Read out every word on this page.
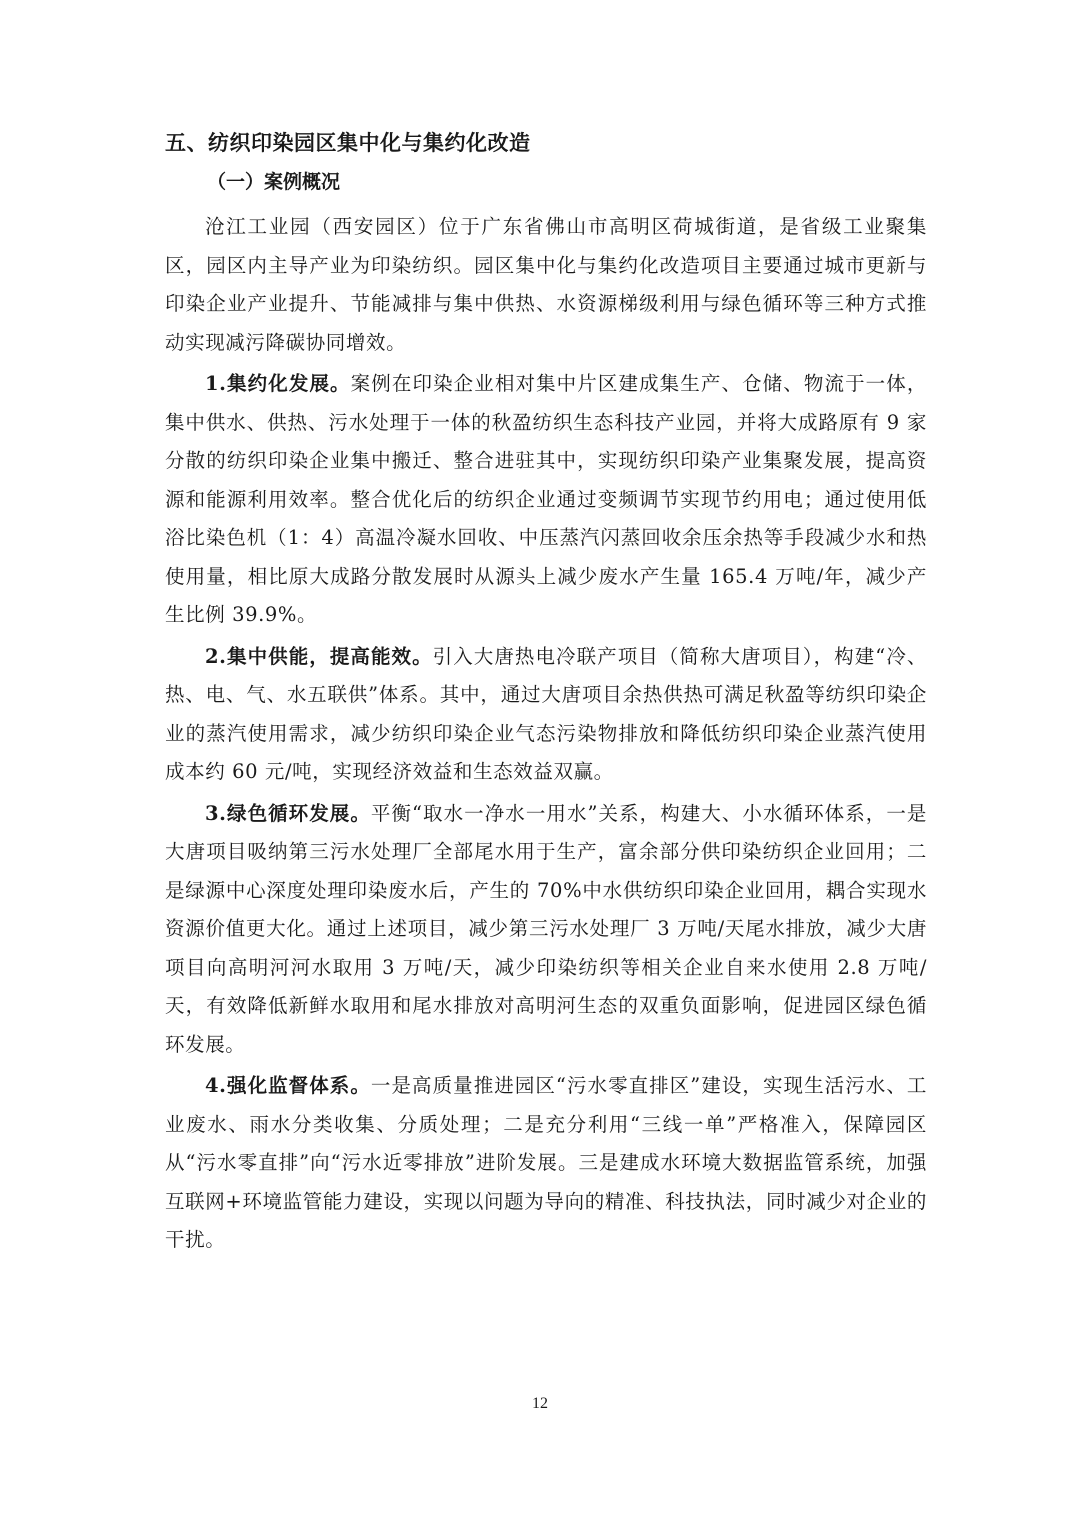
五、纺织印染园区集中化与集约化改造
（一）案例概况

沧江工业园（西安园区）位于广东省佛山市高明区荷城街道，是省级工业聚集区，园区内主导产业为印染纺织。园区集中化与集约化改造项目主要通过城市更新与印染企业产业提升、节能减排与集中供热、水资源梯级利用与绿色循环等三种方式推动实现减污降碳协同增效。

1.集约化发展。案例在印染企业相对集中片区建成集生产、仓储、物流于一体，集中供水、供热、污水处理于一体的秋盈纺织生态科技产业园，并将大成路原有 9 家分散的纺织印染企业集中搬迁、整合进驻其中，实现纺织印染产业集聚发展，提高资源和能源利用效率。整合优化后的纺织企业通过变频调节实现节约用电；通过使用低浴比染色机（1：4）高温冷凝水回收、中压蒸汽闪蒸回收余压余热等手段减少水和热使用量，相比原大成路分散发展时从源头上减少废水产生量 165.4 万吨/年，减少产生比例 39.9%。

2.集中供能，提高能效。引入大唐热电冷联产项目（简称大唐项目），构建“冷、热、电、气、水五联供”体系。其中，通过大唐项目余热供热可满足秋盈等纺织印染企业的蒸汽使用需求，减少纺织印染企业气态污染物排放和降低纺织印染企业蒸汽使用成本约 60 元/吨，实现经济效益和生态效益双赢。

3.绿色循环发展。平衡“取水一净水一用水”关系，构建大、小水循环体系，一是大唐项目吸纳第三污水处理厂全部尾水用于生产，富余部分供印染纺织企业回用；二是绿源中心深度处理印染废水后，产生的 70%中水供纺织印染企业回用，耦合实现水资源价值更大化。通过上述项目，减少第三污水处理厂 3 万吨/天尾水排放，减少大唐项目向高明河河水取用 3 万吨/天，减少印染纺织等相关企业自来水使用 2.8 万吨/天，有效降低新鲜水取用和尾水排放对高明河生态的双重负面影响，促进园区绿色循环发展。

4.强化监督体系。一是高质量推进园区“污水零直排区”建设，实现生活污水、工业废水、雨水分类收集、分质处理；二是充分利用“三线一单”严格准入，保障园区从“污水零直排”向“污水近零排放”进阶发展。三是建成水环境大数据监管系统，加强互联网+环境监管能力建设，实现以问题为导向的精准、科技执法，同时减少对企业的干扰。

12
